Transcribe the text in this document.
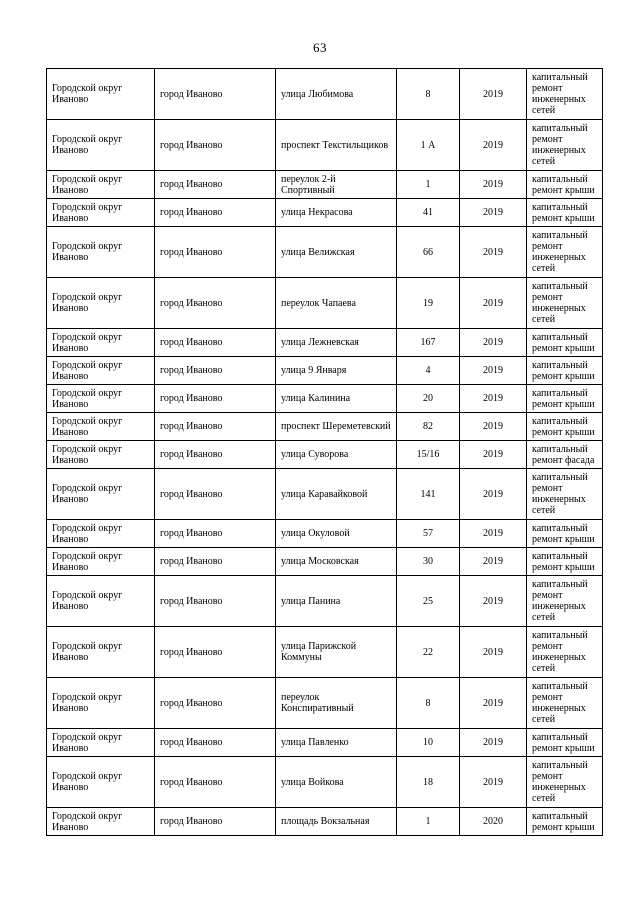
63
Городской округ Иваново	город Иваново	улица Любимова	8	2019	капитальный ремонт инженерных сетей
Городской округ Иваново	город Иваново	проспект Текстильщиков	1 А	2019	капитальный ремонт инженерных сетей
Городской округ Иваново	город Иваново	переулок 2-й Спортивный	1	2019	капитальный ремонт крыши
Городской округ Иваново	город Иваново	улица Некрасова	41	2019	капитальный ремонт крыши
Городской округ Иваново	город Иваново	улица Велижская	66	2019	капитальный ремонт инженерных сетей
Городской округ Иваново	город Иваново	переулок Чапаева	19	2019	капитальный ремонт инженерных сетей
Городской округ Иваново	город Иваново	улица Лежневская	167	2019	капитальный ремонт крыши
Городской округ Иваново	город Иваново	улица 9 Января	4	2019	капитальный ремонт крыши
Городской округ Иваново	город Иваново	улица Калинина	20	2019	капитальный ремонт крыши
Городской округ Иваново	город Иваново	проспект Шереметевский	82	2019	капитальный ремонт крыши
Городской округ Иваново	город Иваново	улица Суворова	15/16	2019	капитальный ремонт фасада
Городской округ Иваново	город Иваново	улица Каравайковой	141	2019	капитальный ремонт инженерных сетей
Городской округ Иваново	город Иваново	улица Окуловой	57	2019	капитальный ремонт крыши
Городской округ Иваново	город Иваново	улица Московская	30	2019	капитальный ремонт крыши
Городской округ Иваново	город Иваново	улица Панина	25	2019	капитальный ремонт инженерных сетей
Городской округ Иваново	город Иваново	улица Парижской Коммуны	22	2019	капитальный ремонт инженерных сетей
Городской округ Иваново	город Иваново	переулок Конспиративный	8	2019	капитальный ремонт инженерных сетей
Городской округ Иваново	город Иваново	улица Павленко	10	2019	капитальный ремонт крыши
Городской округ Иваново	город Иваново	улица Войкова	18	2019	капитальный ремонт инженерных сетей
Городской округ Иваново	город Иваново	площадь Вокзальная	1	2020	капитальный ремонт крыши
